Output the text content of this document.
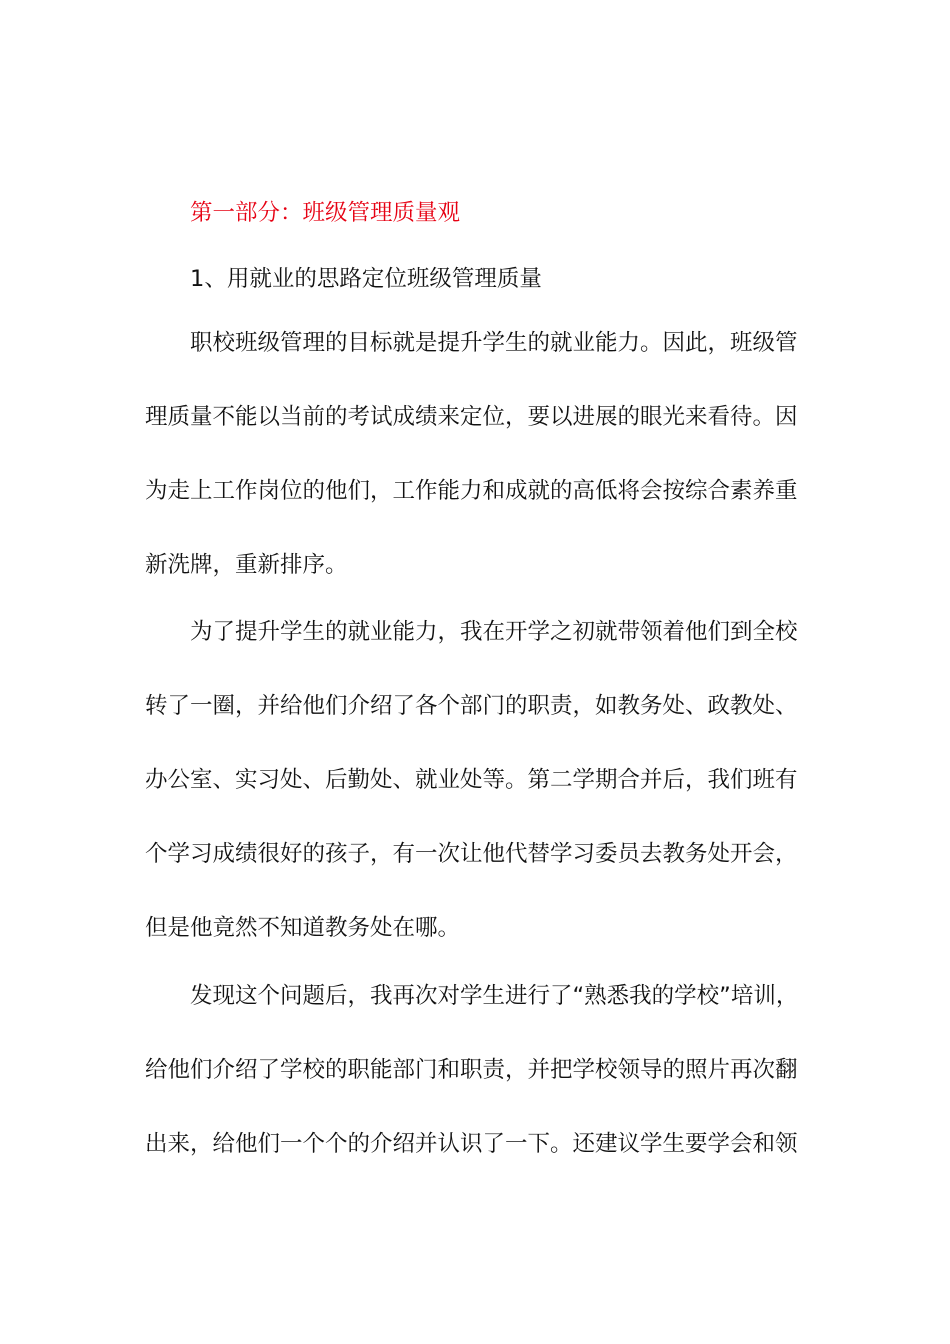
第一部分：班级管理质量观
1、用就业的思路定位班级管理质量
职校班级管理的目标就是提升学生的就业能力。因此，班级管
理质量不能以当前的考试成绩来定位，要以进展的眼光来看待。因
为走上工作岗位的他们，工作能力和成就的高低将会按综合素养重
新洗牌，重新排序。
为了提升学生的就业能力，我在开学之初就带领着他们到全校
转了一圈，并给他们介绍了各个部门的职责，如教务处、政教处、
办公室、实习处、后勤处、就业处等。第二学期合并后，我们班有
个学习成绩很好的孩子，有一次让他代替学习委员去教务处开会，
但是他竟然不知道教务处在哪。
发现这个问题后，我再次对学生进行了“熟悉我的学校”培训，
给他们介绍了学校的职能部门和职责，并把学校领导的照片再次翻
出来，给他们一个个的介绍并认识了一下。还建议学生要学会和领
